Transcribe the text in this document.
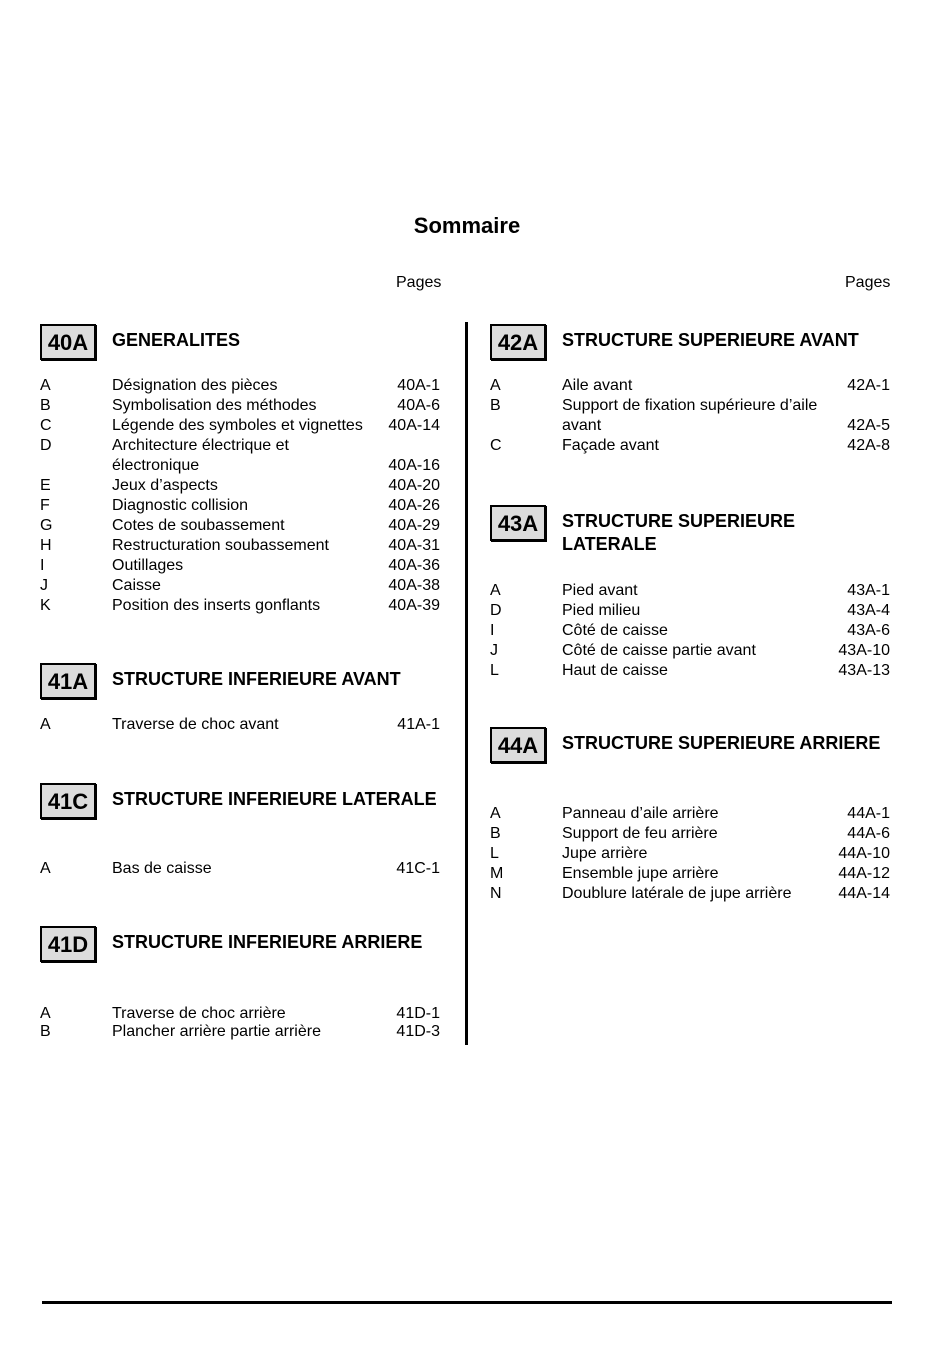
Sommaire
Pages	Pages
40A	GENERALITES
A	Désignation des pièces	40A-1
B	Symbolisation des méthodes	40A-6
C	Légende des symboles et vignettes	40A-14
D	Architecture électrique et électronique	40A-16
E	Jeux d’aspects	40A-20
F	Diagnostic collision	40A-26
G	Cotes de soubassement	40A-29
H	Restructuration soubassement	40A-31
I	Outillages	40A-36
J	Caisse	40A-38
K	Position des inserts gonflants	40A-39
41A	STRUCTURE INFERIEURE AVANT
A	Traverse de choc avant	41A-1
41C	STRUCTURE INFERIEURE LATERALE
A	Bas de caisse	41C-1
41D	STRUCTURE INFERIEURE ARRIERE
A	Traverse de choc arrière	41D-1
B	Plancher arrière partie arrière	41D-3
42A	STRUCTURE SUPERIEURE AVANT
A	Aile avant	42A-1
B	Support de fixation supérieure d’aile avant	42A-5
C	Façade avant	42A-8
43A	STRUCTURE SUPERIEURE LATERALE
A	Pied avant	43A-1
D	Pied milieu	43A-4
I	Côté de caisse	43A-6
J	Côté de caisse partie avant	43A-10
L	Haut de caisse	43A-13
44A	STRUCTURE SUPERIEURE ARRIERE
A	Panneau d’aile arrière	44A-1
B	Support de feu arrière	44A-6
L	Jupe arrière	44A-10
M	Ensemble jupe arrière	44A-12
N	Doublure latérale de jupe arrière	44A-14
